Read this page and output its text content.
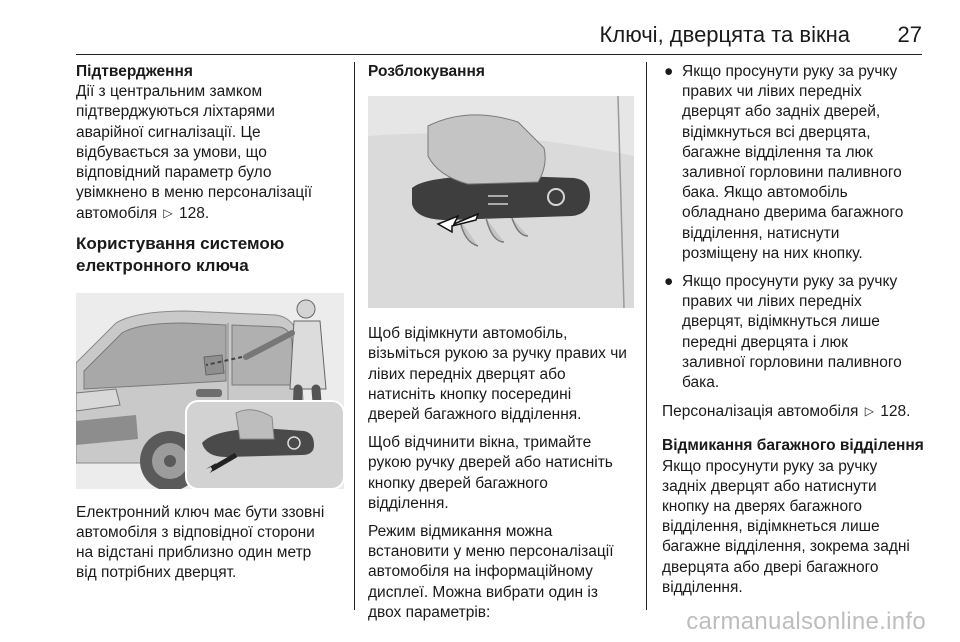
Ключі, дверцята та вікна 27

Підтвердження

Дії з центральним замком

підтверджуються ліхтарями

аварійної сигналізації. Це

відбувається за умови, що

відповідний параметр було

увімкнено в меню персоналізації

автомобіля ▷ 128.

Користування системою

електронного ключа

Електронний ключ має бути ззовні

автомобіля з відповідної сторони

на відстані приблизно один метр

від потрібних дверцят.

Розблокування

Щоб відімкнути автомобіль,

візьміться рукою за ручку правих чи

лівих передніх дверцят або

натисніть кнопку посередині

дверей багажного відділення.

Щоб відчинити вікна, тримайте

рукою ручку дверей або натисніть

кнопку дверей багажного

відділення.

Режим відмикання можна

встановити у меню персоналізації

автомобіля на інформаційному

дисплеї. Можна вибрати один із

двох параметрів:

● Якщо просунути руку за ручку
правих чи лівих передніх
дверцят або задніх дверей,
відімкнуться всі дверцята,
багажне відділення та люк
заливної горловини паливного
бака. Якщо автомобіль
обладнано дверима багажного
відділення, натиснути
розміщену на них кнопку.
● Якщо просунути руку за ручку
правих чи лівих передніх
дверцят, відімкнуться лише
передні дверцята і люк
заливної горловини паливного
бака.

Персоналізація автомобіля ▷ 128.

Відмикання багажного відділення

Якщо просунути руку за ручку

задніх дверцят або натиснути

кнопку на дверях багажного

відділення, відімкнеться лише

багажне відділення, зокрема задні

дверцята або двері багажного

відділення.

carmanualsonline.info
